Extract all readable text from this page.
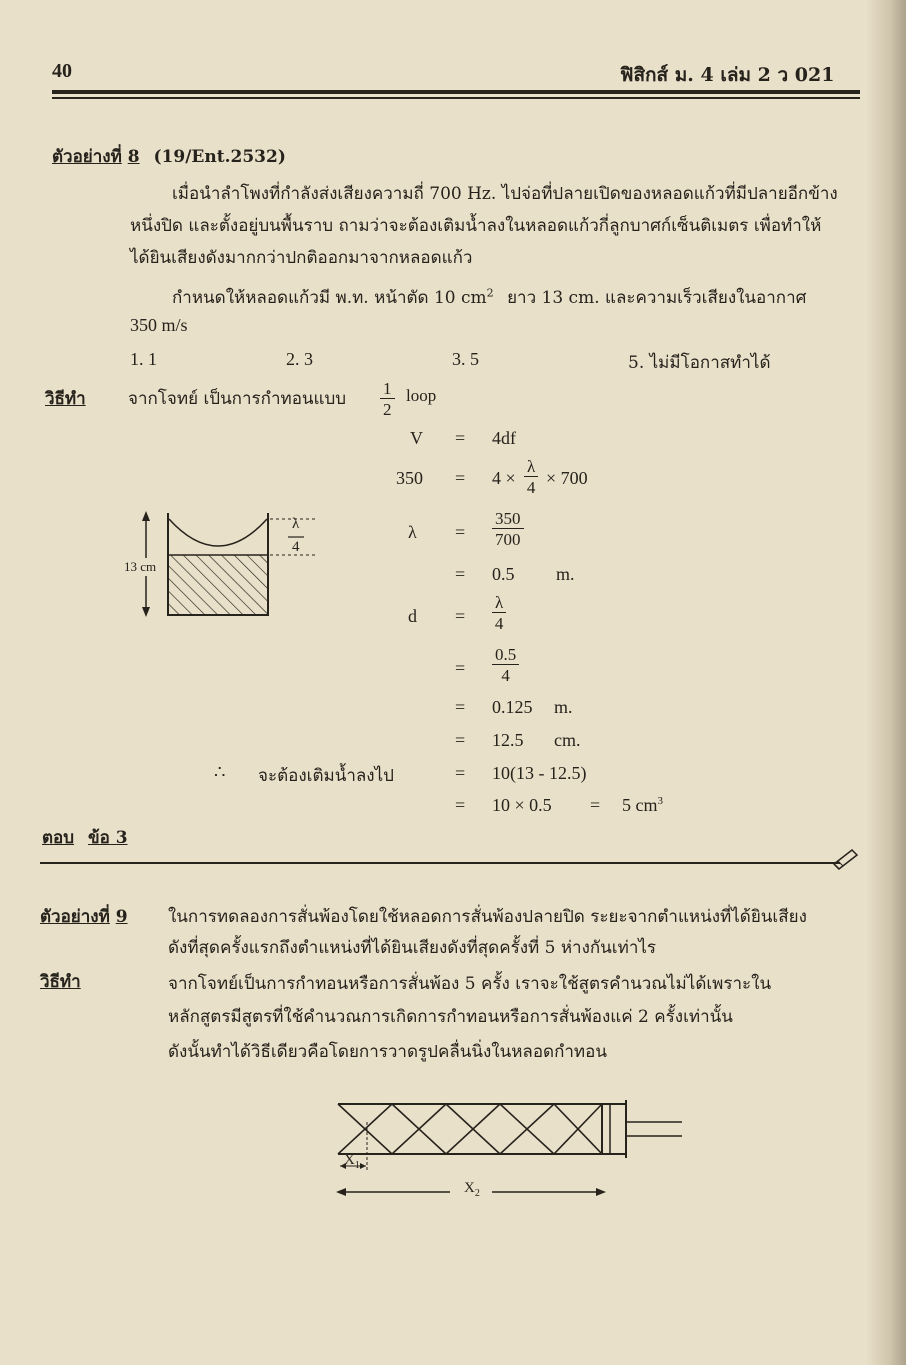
40	ฟิสิกส์ ม. 4 เล่ม 2 ว 021
ตัวอย่างที่ 8 (19/Ent.2532)
เมื่อนำลำโพงที่กำลังส่งเสียงความถี่ 700 Hz. ไปจ่อที่ปลายเปิดของหลอดแก้วที่มีปลายอีกข้าง
หนึ่งปิด และตั้งอยู่บนพื้นราบ ถามว่าจะต้องเติมน้ำลงในหลอดแก้วกี่ลูกบาศก์เซ็นติเมตร เพื่อทำให้
ได้ยินเสียงดังมากกว่าปกติออกมาจากหลอดแก้ว
กำหนดให้หลอดแก้วมี พ.ท. หน้าตัด 10 $cm^2$ ยาว 13 cm. และความเร็วเสียงในอากาศ
350 m/s
1. 1	2. 3	3. 5	5. ไม่มีโอกาสทำได้
วิธีทำ จากโจทย์ เป็นการกำทอนแบบ $\frac{1}{2}$ loop
V = 4df
$350 = 4 \times \frac{\lambda}{4} \times 700$
$\lambda = \frac{350}{700}$
= 0.5 m.
$d = \frac{\lambda}{4}$
= $\frac{0.5}{4}$
= 0.125 m.
= 12.5 cm.
∴ จะต้องเติมน้ำลงไป	= 10(13 - 12.5)
= 10 × 0.5 = 5 $cm^3$
13 cm
λ
4
ตอบ ข้อ 3
ตัวอย่างที่ 9 ในการทดลองการสั่นพ้องโดยใช้หลอดการสั่นพ้องปลายปิด ระยะจากตำแหน่งที่ได้ยินเสียง
ดังที่สุดครั้งแรกถึงตำแหน่งที่ได้ยินเสียงดังที่สุดครั้งที่ 5 ห่างกันเท่าไร
วิธีทำ	จากโจทย์เป็นการกำทอนหรือการสั่นพ้อง 5 ครั้ง เราจะใช้สูตรคำนวณไม่ได้เพราะใน
หลักสูตรมีสูตรที่ใช้คำนวณการเกิดการกำทอนหรือการสั่นพ้องแค่ 2 ครั้งเท่านั้น
ดังนั้นทำได้วิธีเดียวคือโดยการวาดรูปคลื่นนิ่งในหลอดกำทอน
$X_1$
$X_2$
